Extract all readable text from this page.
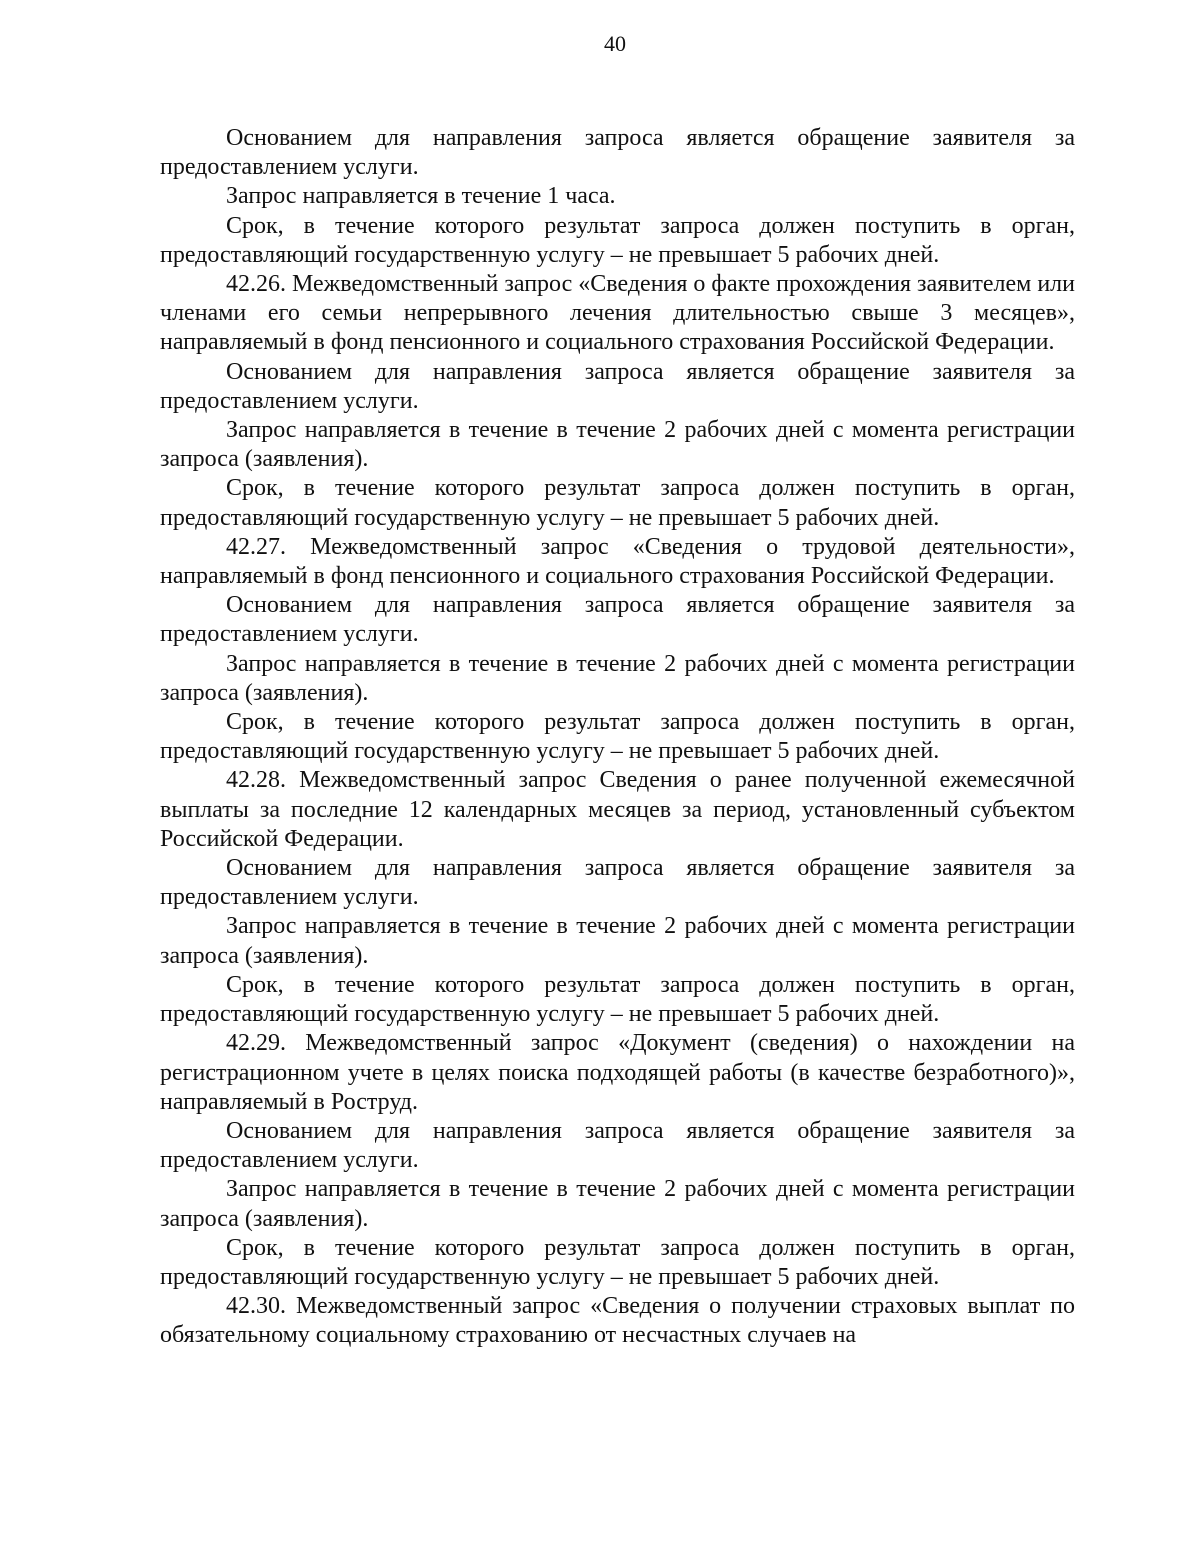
40

Основанием для направления запроса является обращение заявителя за предоставлением услуги.

Запрос направляется в течение 1 часа.

Срок, в течение которого результат запроса должен поступить в орган, предоставляющий государственную услугу – не превышает 5 рабочих дней.

42.26. Межведомственный запрос «Сведения о факте прохождения заявителем или членами его семьи непрерывного лечения длительностью свыше 3 месяцев», направляемый в фонд пенсионного и социального страхования Российской Федерации.

Основанием для направления запроса является обращение заявителя за предоставлением услуги.

Запрос направляется в течение в течение 2 рабочих дней с момента регистрации запроса (заявления).

Срок, в течение которого результат запроса должен поступить в орган, предоставляющий государственную услугу – не превышает 5 рабочих дней.

42.27. Межведомственный запрос «Сведения о трудовой деятельности», направляемый в фонд пенсионного и социального страхования Российской Федерации.

Основанием для направления запроса является обращение заявителя за предоставлением услуги.

Запрос направляется в течение в течение 2 рабочих дней с момента регистрации запроса (заявления).

Срок, в течение которого результат запроса должен поступить в орган, предоставляющий государственную услугу – не превышает 5 рабочих дней.

42.28. Межведомственный запрос Сведения о ранее полученной ежемесячной выплаты за последние 12 календарных месяцев за период, установленный субъектом Российской Федерации.

Основанием для направления запроса является обращение заявителя за предоставлением услуги.

Запрос направляется в течение в течение 2 рабочих дней с момента регистрации запроса (заявления).

Срок, в течение которого результат запроса должен поступить в орган, предоставляющий государственную услугу – не превышает 5 рабочих дней.

42.29. Межведомственный запрос «Документ (сведения) о нахождении на регистрационном учете в целях поиска подходящей работы (в качестве безработного)», направляемый в Роструд.

Основанием для направления запроса является обращение заявителя за предоставлением услуги.

Запрос направляется в течение в течение 2 рабочих дней с момента регистрации запроса (заявления).

Срок, в течение которого результат запроса должен поступить в орган, предоставляющий государственную услугу – не превышает 5 рабочих дней.

42.30. Межведомственный запрос «Сведения о получении страховых выплат по обязательному социальному страхованию от несчастных случаев на
